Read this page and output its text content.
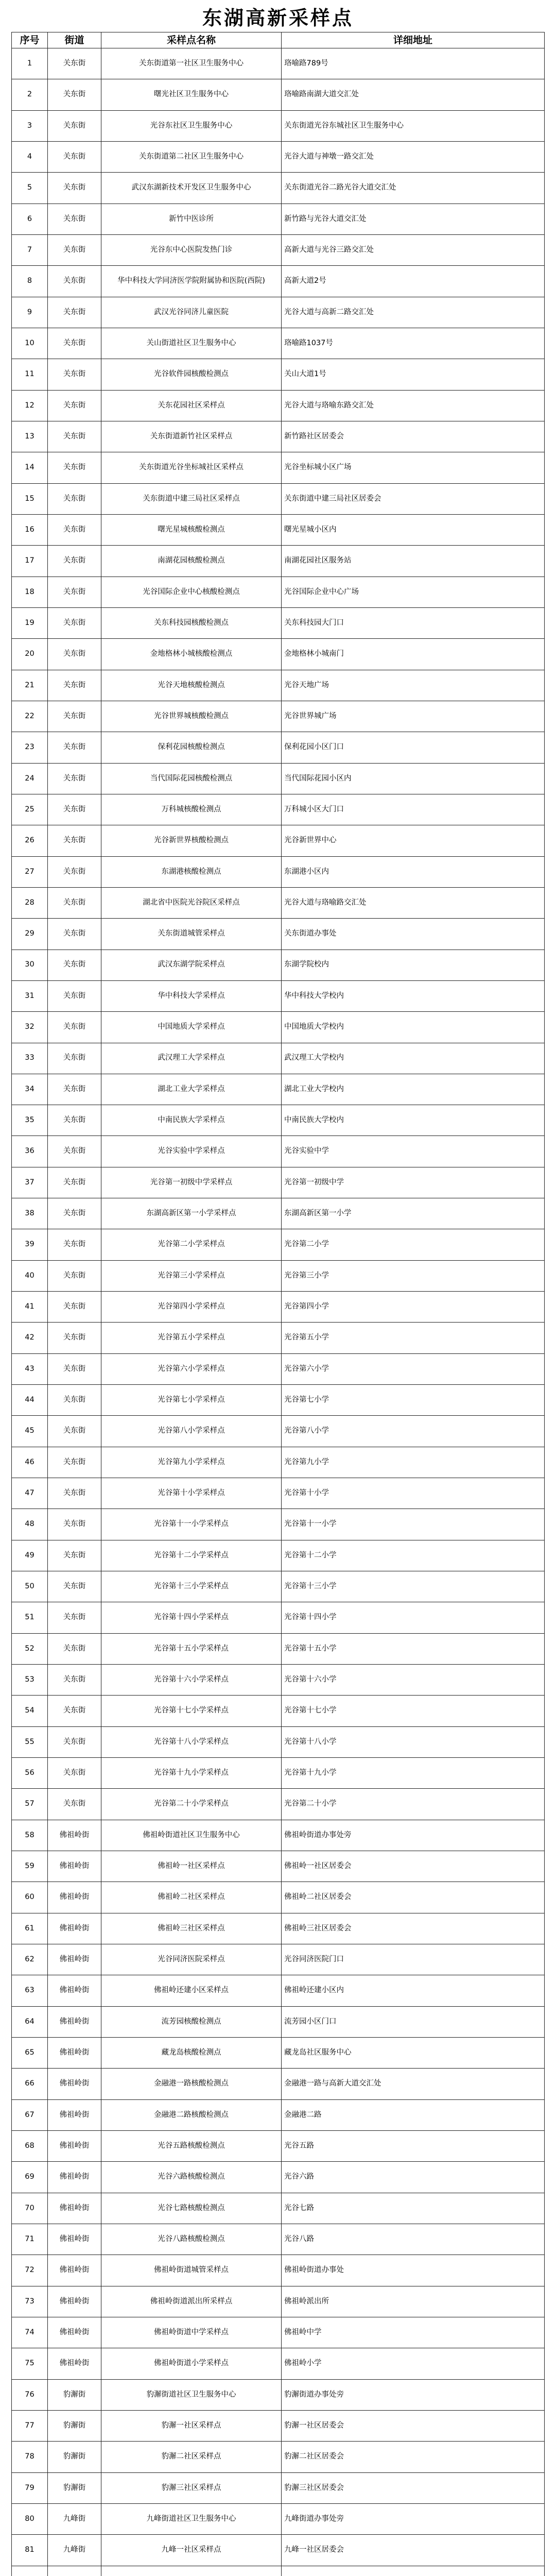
东湖高新采样点
序号	街道	采样点名称	详细地址
1	关东街	关东街道第一社区卫生服务中心	珞喻路789号
2	关东街	曙光社区卫生服务中心	珞喻路南湖大道交汇处
3	关东街	光谷东社区卫生服务中心	关东街道光谷东城社区卫生服务中心
4	关东街	关东街道第二社区卫生服务中心	光谷大道与神墩一路交汇处
5	关东街	武汉东湖新技术开发区卫生服务中心	关东街道光谷二路光谷大道交汇处
6	关东街	新竹中医诊所	新竹路与光谷大道交汇处
7	关东街	光谷东中心医院发热门诊	高新大道与光谷三路交汇处
8	关东街	华中科技大学同济医学院附属协和医院(西院)	高新大道2号
9	关东街	武汉光谷同济儿童医院	光谷大道与高新二路交汇处
10	关东街	关山街道社区卫生服务中心	珞喻路1037号
11	关东街	光谷软件园核酸检测点	关山大道1号
12	关东街	关东花园社区采样点	光谷大道与珞喻东路交汇处
13	关东街	关东街道新竹社区采样点	新竹路社区居委会
14	关东街	关东街道光谷坐标城社区采样点	光谷坐标城小区广场
15	关东街	关东街道中建三局社区采样点	关东街道中建三局社区居委会
16	关东街	曙光星城核酸检测点	曙光星城小区内
17	关东街	南湖花园核酸检测点	南湖花园社区服务站
18	关东街	光谷国际企业中心核酸检测点	光谷国际企业中心广场
19	关东街	关东科技园核酸检测点	关东科技园大门口
20	关东街	金地格林小城核酸检测点	金地格林小城南门
21	关东街	光谷天地核酸检测点	光谷天地广场
22	关东街	光谷世界城核酸检测点	光谷世界城广场
23	关东街	保利花园核酸检测点	保利花园小区门口
24	关东街	当代国际花园核酸检测点	当代国际花园小区内
25	关东街	万科城核酸检测点	万科城小区大门口
26	关东街	光谷新世界核酸检测点	光谷新世界中心
27	关东街	东湖港核酸检测点	东湖港小区内
28	关东街	湖北省中医院光谷院区采样点	光谷大道与珞喻路交汇处
29	关东街	关东街道城管采样点	关东街道办事处
30	关东街	武汉东湖学院采样点	东湖学院校内
31	关东街	华中科技大学采样点	华中科技大学校内
32	关东街	中国地质大学采样点	中国地质大学校内
33	关东街	武汉理工大学采样点	武汉理工大学校内
34	关东街	湖北工业大学采样点	湖北工业大学校内
35	关东街	中南民族大学采样点	中南民族大学校内
36	关东街	光谷实验中学采样点	光谷实验中学
37	关东街	光谷第一初级中学采样点	光谷第一初级中学
38	关东街	东湖高新区第一小学采样点	东湖高新区第一小学
39	关东街	光谷第二小学采样点	光谷第二小学
40	关东街	光谷第三小学采样点	光谷第三小学
41	关东街	光谷第四小学采样点	光谷第四小学
42	关东街	光谷第五小学采样点	光谷第五小学
43	关东街	光谷第六小学采样点	光谷第六小学
44	关东街	光谷第七小学采样点	光谷第七小学
45	关东街	光谷第八小学采样点	光谷第八小学
46	关东街	光谷第九小学采样点	光谷第九小学
47	关东街	光谷第十小学采样点	光谷第十小学
48	关东街	光谷第十一小学采样点	光谷第十一小学
49	关东街	光谷第十二小学采样点	光谷第十二小学
50	关东街	光谷第十三小学采样点	光谷第十三小学
51	关东街	光谷第十四小学采样点	光谷第十四小学
52	关东街	光谷第十五小学采样点	光谷第十五小学
53	关东街	光谷第十六小学采样点	光谷第十六小学
54	关东街	光谷第十七小学采样点	光谷第十七小学
55	关东街	光谷第十八小学采样点	光谷第十八小学
56	关东街	光谷第十九小学采样点	光谷第十九小学
57	关东街	光谷第二十小学采样点	光谷第二十小学
58	佛祖岭街	佛祖岭街道社区卫生服务中心	佛祖岭街道办事处旁
59	佛祖岭街	佛祖岭一社区采样点	佛祖岭一社区居委会
60	佛祖岭街	佛祖岭二社区采样点	佛祖岭二社区居委会
61	佛祖岭街	佛祖岭三社区采样点	佛祖岭三社区居委会
62	佛祖岭街	光谷同济医院采样点	光谷同济医院门口
63	佛祖岭街	佛祖岭还建小区采样点	佛祖岭还建小区内
64	佛祖岭街	流芳园核酸检测点	流芳园小区门口
65	佛祖岭街	藏龙岛核酸检测点	藏龙岛社区服务中心
66	佛祖岭街	金融港一路核酸检测点	金融港一路与高新大道交汇处
67	佛祖岭街	金融港二路核酸检测点	金融港二路
68	佛祖岭街	光谷五路核酸检测点	光谷五路
69	佛祖岭街	光谷六路核酸检测点	光谷六路
70	佛祖岭街	光谷七路核酸检测点	光谷七路
71	佛祖岭街	光谷八路核酸检测点	光谷八路
72	佛祖岭街	佛祖岭街道城管采样点	佛祖岭街道办事处
73	佛祖岭街	佛祖岭街道派出所采样点	佛祖岭派出所
74	佛祖岭街	佛祖岭街道中学采样点	佛祖岭中学
75	佛祖岭街	佛祖岭街道小学采样点	佛祖岭小学
76	豹澥街	豹澥街道社区卫生服务中心	豹澥街道办事处旁
77	豹澥街	豹澥一社区采样点	豹澥一社区居委会
78	豹澥街	豹澥二社区采样点	豹澥二社区居委会
79	豹澥街	豹澥三社区采样点	豹澥三社区居委会
80	九峰街	九峰街道社区卫生服务中心	九峰街道办事处旁
81	九峰街	九峰一社区采样点	九峰一社区居委会
